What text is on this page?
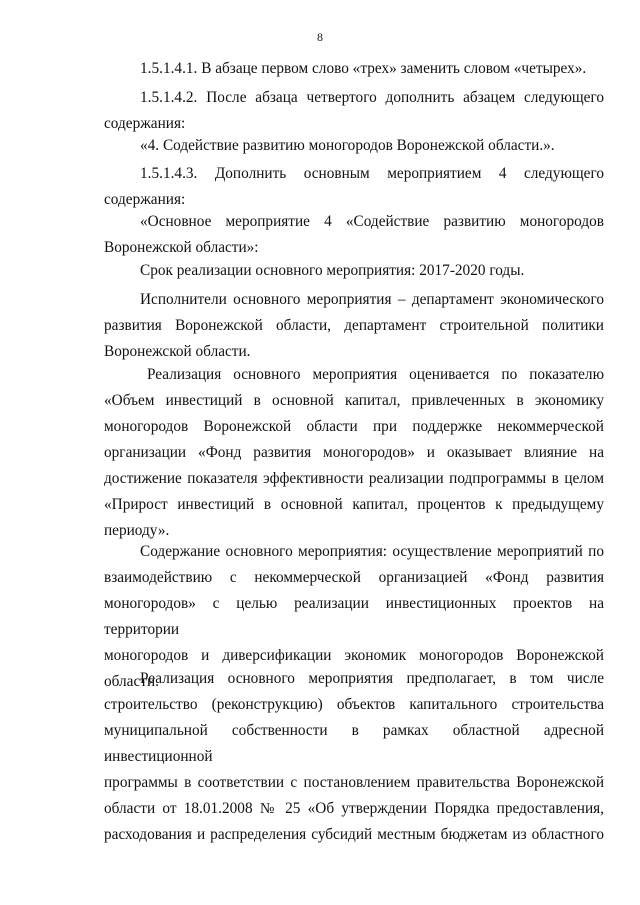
8

1.5.1.4.1. В абзаце первом слово «трех» заменить словом «четырех».

1.5.1.4.2. После абзаца четвертого дополнить абзацем следующего
содержания:

«4. Содействие развитию моногородов Воронежской области.».

1.5.1.4.3. Дополнить основным мероприятием 4 следующего
содержания:

«Основное мероприятие 4 «Содействие развитию моногородов
Воронежской области»:

Срок реализации основного мероприятия: 2017-2020 годы.

Исполнители основного мероприятия – департамент экономического
развития Воронежской области, департамент строительной политики
Воронежской области.

Реализация основного мероприятия оценивается по показателю
«Объем инвестиций в основной капитал, привлеченных в экономику
моногородов Воронежской области при поддержке некоммерческой
организации «Фонд развития моногородов» и оказывает влияние на
достижение показателя эффективности реализации подпрограммы в целом
«Прирост инвестиций в основной капитал, процентов к предыдущему
периоду».

Содержание основного мероприятия: осуществление мероприятий по
взаимодействию с некоммерческой организацией «Фонд развития
моногородов» с целью реализации инвестиционных проектов на территории
моногородов и диверсификации экономик моногородов Воронежской
области.

Реализация основного мероприятия предполагает, в том числе
строительство (реконструкцию) объектов капитального строительства
муниципальной собственности в рамках областной адресной инвестиционной
программы в соответствии с постановлением правительства Воронежской
области от 18.01.2008 № 25 «Об утверждении Порядка предоставления,
расходования и распределения субсидий местным бюджетам из областного
